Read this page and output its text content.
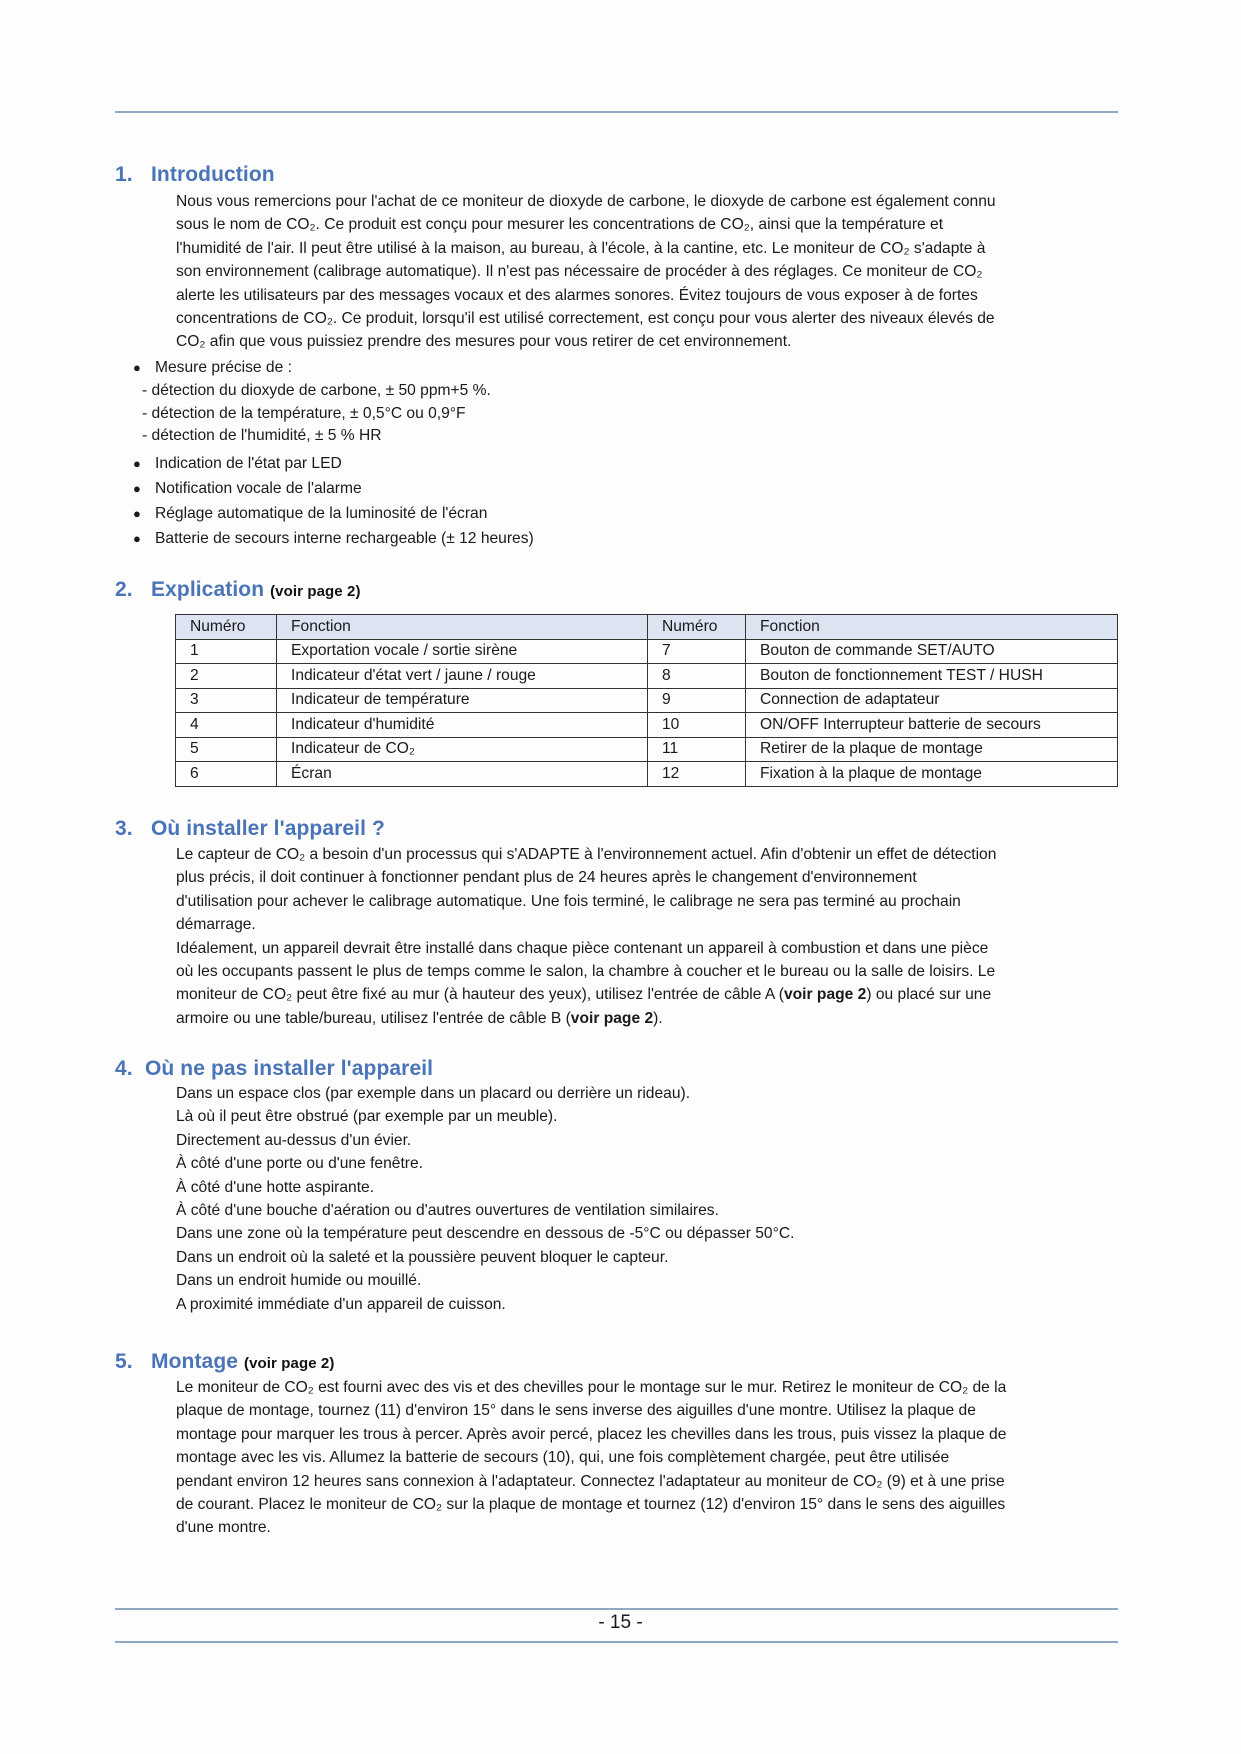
1. Introduction
Nous vous remercions pour l'achat de ce moniteur de dioxyde de carbone, le dioxyde de carbone est également connu
sous le nom de CO₂. Ce produit est conçu pour mesurer les concentrations de CO₂, ainsi que la température et
l'humidité de l'air. Il peut être utilisé à la maison, au bureau, à l'école, à la cantine, etc. Le moniteur de CO₂ s'adapte à
son environnement (calibrage automatique). Il n'est pas nécessaire de procéder à des réglages. Ce moniteur de CO₂
alerte les utilisateurs par des messages vocaux et des alarmes sonores. Évitez toujours de vous exposer à de fortes
concentrations de CO₂. Ce produit, lorsqu'il est utilisé correctement, est conçu pour vous alerter des niveaux élevés de
CO₂ afin que vous puissiez prendre des mesures pour vous retirer de cet environnement.
● Mesure précise de :
- détection du dioxyde de carbone, ± 50 ppm+5 %.
- détection de la température, ± 0,5°C ou 0,9°F
- détection de l'humidité, ± 5 % HR
● Indication de l'état par LED
● Notification vocale de l'alarme
● Réglage automatique de la luminosité de l'écran
● Batterie de secours interne rechargeable (± 12 heures)
2. Explication (voir page 2)
Numéro	Fonction	Numéro	Fonction
1	Exportation vocale / sortie sirène	7	Bouton de commande SET/AUTO
2	Indicateur d'état vert / jaune / rouge	8	Bouton de fonctionnement TEST / HUSH
3	Indicateur de température	9	Connection de adaptateur
4	Indicateur d'humidité	10	ON/OFF Interrupteur batterie de secours
5	Indicateur de CO₂	11	Retirer de la plaque de montage
6	Écran	12	Fixation à la plaque de montage
3. Où installer l'appareil ?
Le capteur de CO₂ a besoin d'un processus qui s'ADAPTE à l'environnement actuel. Afin d'obtenir un effet de détection
plus précis, il doit continuer à fonctionner pendant plus de 24 heures après le changement d'environnement
d'utilisation pour achever le calibrage automatique. Une fois terminé, le calibrage ne sera pas terminé au prochain
démarrage.
Idéalement, un appareil devrait être installé dans chaque pièce contenant un appareil à combustion et dans une pièce
où les occupants passent le plus de temps comme le salon, la chambre à coucher et le bureau ou la salle de loisirs. Le
moniteur de CO₂ peut être fixé au mur (à hauteur des yeux), utilisez l'entrée de câble A (voir page 2) ou placé sur une
armoire ou une table/bureau, utilisez l'entrée de câble B (voir page 2).
4. Où ne pas installer l'appareil
Dans un espace clos (par exemple dans un placard ou derrière un rideau).
Là où il peut être obstrué (par exemple par un meuble).
Directement au-dessus d'un évier.
À côté d'une porte ou d'une fenêtre.
À côté d'une hotte aspirante.
À côté d'une bouche d'aération ou d'autres ouvertures de ventilation similaires.
Dans une zone où la température peut descendre en dessous de -5°C ou dépasser 50°C.
Dans un endroit où la saleté et la poussière peuvent bloquer le capteur.
Dans un endroit humide ou mouillé.
A proximité immédiate d'un appareil de cuisson.
5. Montage (voir page 2)
Le moniteur de CO₂ est fourni avec des vis et des chevilles pour le montage sur le mur. Retirez le moniteur de CO₂ de la
plaque de montage, tournez (11) d'environ 15° dans le sens inverse des aiguilles d'une montre. Utilisez la plaque de
montage pour marquer les trous à percer. Après avoir percé, placez les chevilles dans les trous, puis vissez la plaque de
montage avec les vis. Allumez la batterie de secours (10), qui, une fois complètement chargée, peut être utilisée
pendant environ 12 heures sans connexion à l'adaptateur. Connectez l'adaptateur au moniteur de CO₂ (9) et à une prise
de courant. Placez le moniteur de CO₂ sur la plaque de montage et tournez (12) d'environ 15° dans le sens des aiguilles
d'une montre.
- 15 -
